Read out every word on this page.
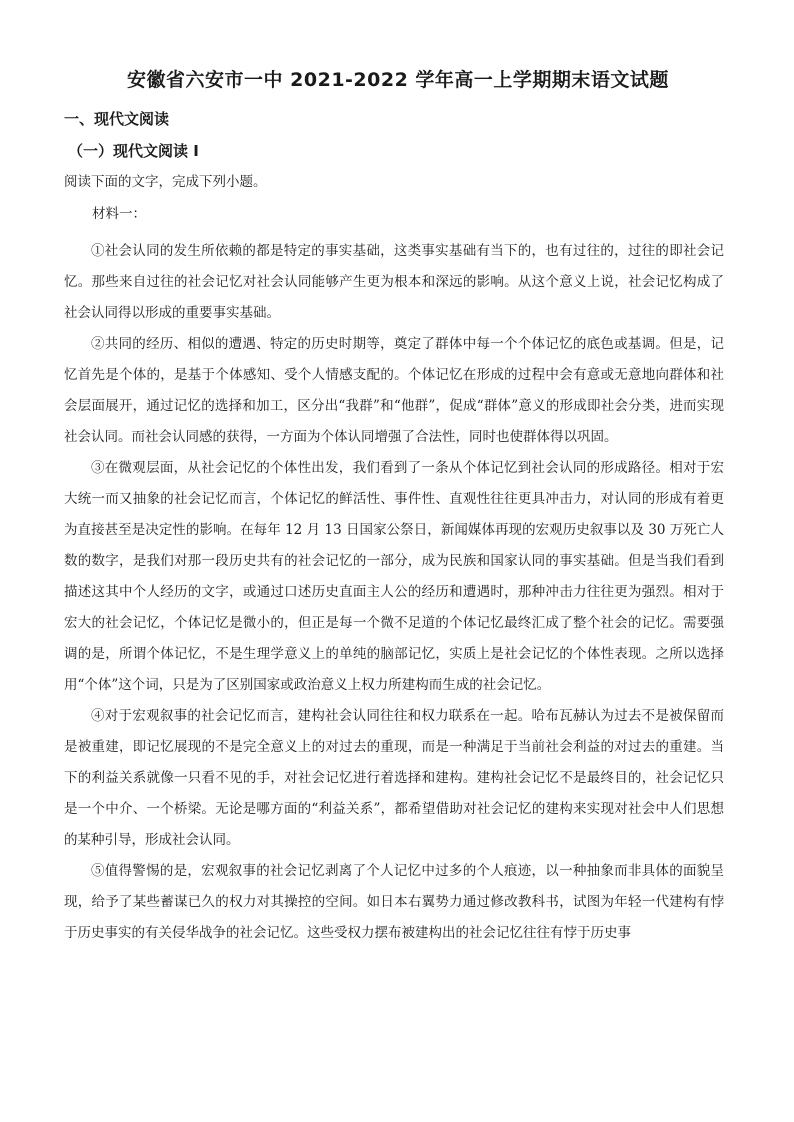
安徽省六安市一中 2021-2022 学年高一上学期期末语文试题
一、现代文阅读
（一）现代文阅读 I
阅读下面的文字，完成下列小题。
材料一：

①社会认同的发生所依赖的都是特定的事实基础，这类事实基础有当下的，也有过往的，过往的即社会记忆。那些来自过往的社会记忆对社会认同能够产生更为根本和深远的影响。从这个意义上说，社会记忆构成了社会认同得以形成的重要事实基础。

②共同的经历、相似的遭遇、特定的历史时期等，奠定了群体中每一个个体记忆的底色或基调。但是，记忆首先是个体的，是基于个体感知、受个人情感支配的。个体记忆在形成的过程中会有意或无意地向群体和社会层面展开，通过记忆的选择和加工，区分出“我群”和“他群”，促成“群体”意义的形成即社会分类，进而实现社会认同。而社会认同感的获得，一方面为个体认同增强了合法性，同时也使群体得以巩固。

③在微观层面，从社会记忆的个体性出发，我们看到了一条从个体记忆到社会认同的形成路径。相对于宏大统一而又抽象的社会记忆而言，个体记忆的鲜活性、事件性、直观性往往更具冲击力，对认同的形成有着更为直接甚至是决定性的影响。在每年 12 月 13 日国家公祭日，新闻媒体再现的宏观历史叙事以及 30 万死亡人数的数字，是我们对那一段历史共有的社会记忆的一部分，成为民族和国家认同的事实基础。但是当我们看到描述这其中个人经历的文字，或通过口述历史直面主人公的经历和遭遇时，那种冲击力往往更为强烈。相对于宏大的社会记忆，个体记忆是微小的，但正是每一个微不足道的个体记忆最终汇成了整个社会的记忆。需要强调的是，所谓个体记忆，不是生理学意义上的单纯的脑部记忆，实质上是社会记忆的个体性表现。之所以选择用“个体”这个词，只是为了区别国家或政治意义上权力所建构而生成的社会记忆。

④对于宏观叙事的社会记忆而言，建构社会认同往往和权力联系在一起。哈布瓦赫认为过去不是被保留而是被重建，即记忆展现的不是完全意义上的对过去的重现，而是一种满足于当前社会利益的对过去的重建。当下的利益关系就像一只看不见的手，对社会记忆进行着选择和建构。建构社会记忆不是最终目的，社会记忆只是一个中介、一个桥梁。无论是哪方面的“利益关系”，都希望借助对社会记忆的建构来实现对社会中人们思想的某种引导，形成社会认同。

⑤值得警惕的是，宏观叙事的社会记忆剥离了个人记忆中过多的个人痕迹，以一种抽象而非具体的面貌呈现，给予了某些蓄谋已久的权力对其操控的空间。如日本右翼势力通过修改教科书，试图为年轻一代建构有悖于历史事实的有关侵华战争的社会记忆。这些受权力摆布被建构出的社会记忆往往有悖于历史事
